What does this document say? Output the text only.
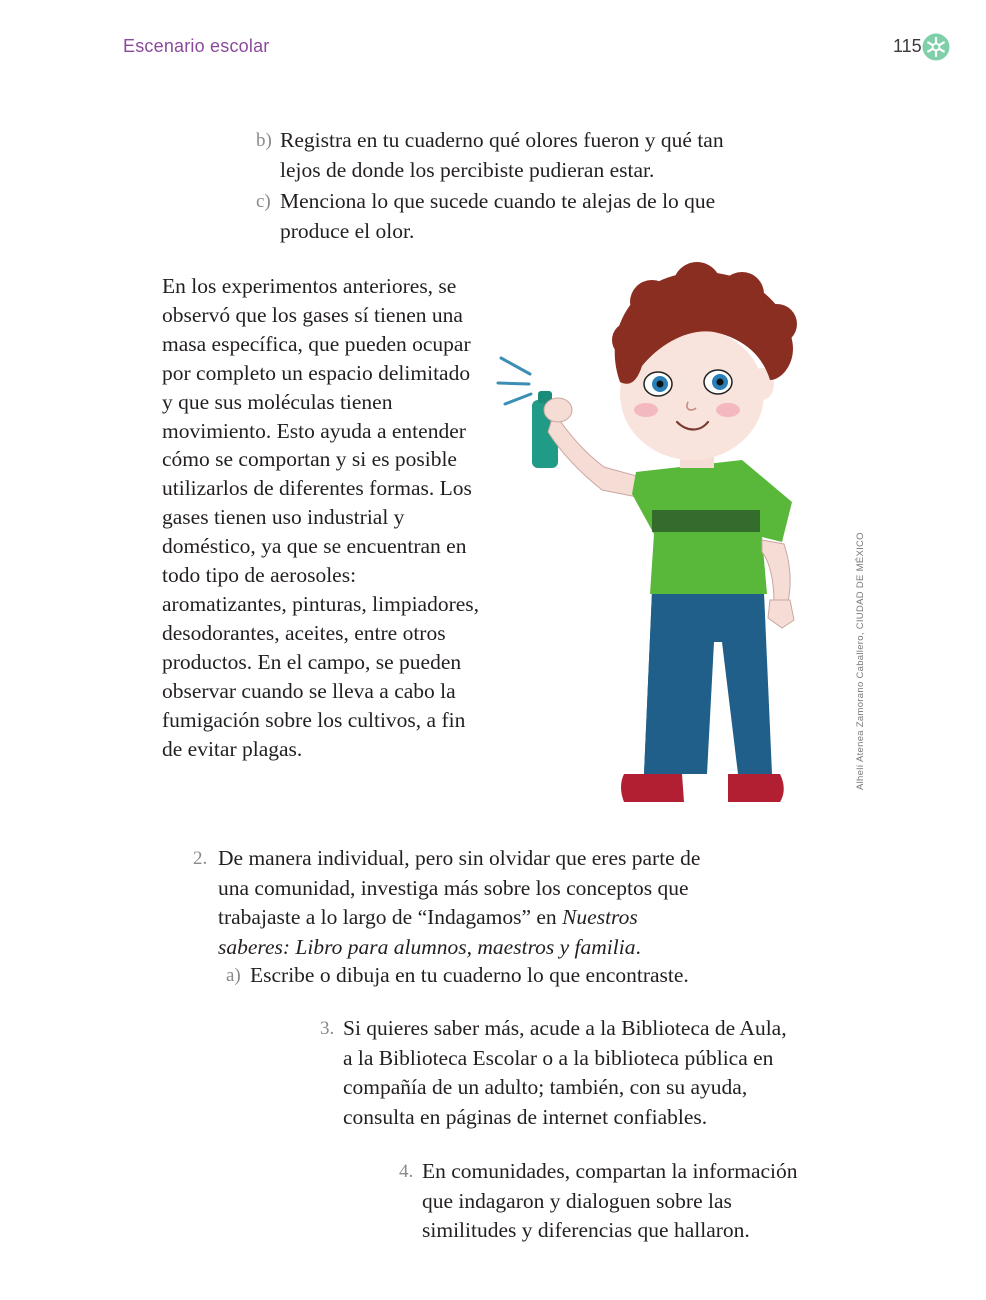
Escenario escolar	115
b) Registra en tu cuaderno qué olores fueron y qué tan lejos de donde los percibiste pudieran estar.
c) Menciona lo que sucede cuando te alejas de lo que produce el olor.
En los experimentos anteriores, se observó que los gases sí tienen una masa específica, que pueden ocupar por completo un espacio delimitado y que sus moléculas tienen movimiento. Esto ayuda a entender cómo se comportan y si es posible utilizarlos de diferentes formas. Los gases tienen uso industrial y doméstico, ya que se encuentran en todo tipo de aerosoles: aromatizantes, pinturas, limpiadores, desodorantes, aceites, entre otros productos. En el campo, se pueden observar cuando se lleva a cabo la fumigación sobre los cultivos, a fin de evitar plagas.	Alhelí Atenea Zamorano Caballero, CIUDAD DE MÉXICO
2. De manera individual, pero sin olvidar que eres parte de una comunidad, investiga más sobre los conceptos que trabajaste a lo largo de “Indagamos” en Nuestros saberes: Libro para alumnos, maestros y familia.
a) Escribe o dibuja en tu cuaderno lo que encontraste.
3. Si quieres saber más, acude a la Biblioteca de Aula, a la Biblioteca Escolar o a la biblioteca pública en compañía de un adulto; también, con su ayuda, consulta en páginas de internet confiables.
4. En comunidades, compartan la información que indagaron y dialoguen sobre las similitudes y diferencias que hallaron.
